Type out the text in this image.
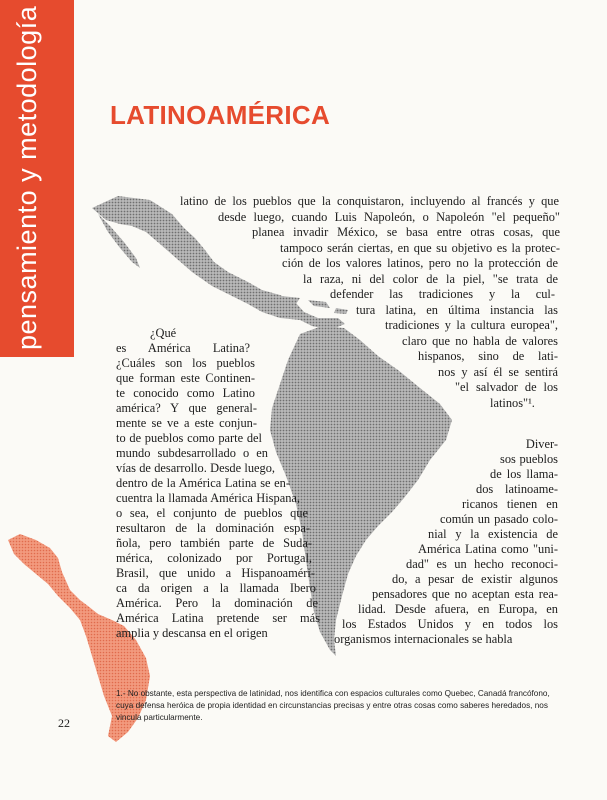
pensamiento y metodología	LATINOAMÉRICA
latino de los pueblos que la conquistaron, incluyendo al francés y que
desde luego, cuando Luis Napoleón, o Napoleón "el pequeño"
planea invadir México, se basa entre otras cosas, que
tampoco serán ciertas, en que su objetivo es la protec-
ción de los valores latinos, pero no la protección de
la raza, ni del color de la piel, "se trata de
defender las tradiciones y la cul-
tura latina, en última instancia las
tradiciones y la cultura europea",
claro que no habla de valores
hispanos, sino de lati-
nos y así él se sentirá
"el salvador de los
latinos"¹.
¿Qué
es América Latina?
¿Cuáles son los pueblos
que forman este Continen-
te conocido como Latino
américa? Y que general-
mente se ve a este conjun-
to de pueblos como parte del
mundo subdesarrollado o en
vías de desarrollo. Desde luego,
dentro de la América Latina se en-
cuentra la llamada América Hispana,
o sea, el conjunto de pueblos que
resultaron de la dominación espa-
ñola, pero también parte de Suda-
mérica, colonizado por Portugal,
Brasil, que unido a Hispanoaméri-
ca da origen a la llamada Ibero
América. Pero la dominación de
América Latina pretende ser más
amplia y descansa en el origen
Diver-
sos pueblos
de los llama-
dos latinoame-
ricanos tienen en
común un pasado colo-
nial y la existencia de
América Latina como "uni-
dad" es un hecho reconoci-
do, a pesar de existir algunos
pensadores que no aceptan esta rea-
lidad. Desde afuera, en Europa, en
los Estados Unidos y en todos los
organismos internacionales se habla
1.- No obstante, esta perspectiva de latinidad, nos identifica con espacios culturales como Quebec, Canadá francófono, cuya defensa heróica de propia identidad en circunstancias precisas y entre otras cosas como saberes heredados, nos vincula particularmente.
22
